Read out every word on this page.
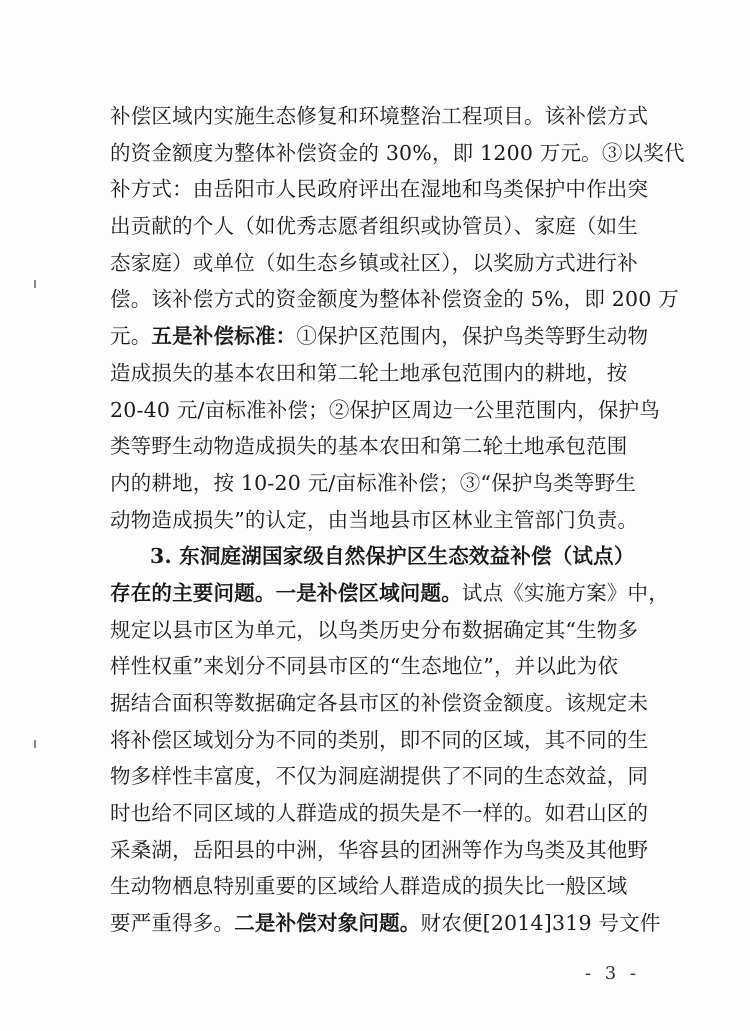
补偿区域内实施生态修复和环境整治工程项目。该补偿方式
的资金额度为整体补偿资金的 30%，即 1200 万元。③以奖代
补方式：由岳阳市人民政府评出在湿地和鸟类保护中作出突
出贡献的个人（如优秀志愿者组织或协管员）、家庭（如生
态家庭）或单位（如生态乡镇或社区），以奖励方式进行补
偿。该补偿方式的资金额度为整体补偿资金的 5%，即 200 万
元。五是补偿标准：①保护区范围内，保护鸟类等野生动物
造成损失的基本农田和第二轮土地承包范围内的耕地，按
20-40 元/亩标准补偿；②保护区周边一公里范围内，保护鸟
类等野生动物造成损失的基本农田和第二轮土地承包范围
内的耕地，按 10-20 元/亩标准补偿；③“保护鸟类等野生
动物造成损失”的认定，由当地县市区林业主管部门负责。
3. 东洞庭湖国家级自然保护区生态效益补偿（试点）
存在的主要问题。一是补偿区域问题。试点《实施方案》中，
规定以县市区为单元，以鸟类历史分布数据确定其“生物多
样性权重”来划分不同县市区的“生态地位”，并以此为依
据结合面积等数据确定各县市区的补偿资金额度。该规定未
将补偿区域划分为不同的类别，即不同的区域，其不同的生
物多样性丰富度，不仅为洞庭湖提供了不同的生态效益，同
时也给不同区域的人群造成的损失是不一样的。如君山区的
采桑湖，岳阳县的中洲，华容县的团洲等作为鸟类及其他野
生动物栖息特别重要的区域给人群造成的损失比一般区域
要严重得多。二是补偿对象问题。财农便[2014]319 号文件
- 3 -
